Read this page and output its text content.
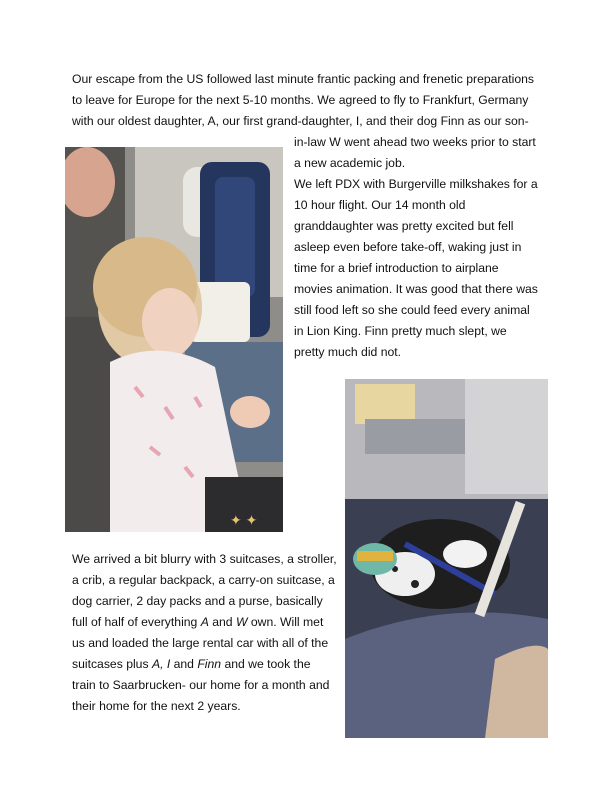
Our escape from the US followed last minute frantic packing and frenetic preparations

to leave for Europe for the next 5-10 months. We agreed to fly to Frankfurt, Germany

with our oldest daughter, A, our first grand-daughter, I, and their dog Finn as our son-

in-law W went ahead two weeks prior to start

a new academic job.

We left PDX with Burgerville milkshakes for a

10 hour flight. Our 14 month old

granddaughter was pretty excited but fell

asleep even before take-off, waking just in

time for a brief introduction to airplane

movies animation. It was good that there was

still food left so she could feed every animal

in Lion King. Finn pretty much slept, we

pretty much did not.

✦ ✦

We arrived a bit blurry with 3 suitcases, a stroller,

a crib, a regular backpack, a carry-on suitcase, a

dog carrier, 2 day packs and a purse, basically

full of half of everything A and W own. Will met

us and loaded the large rental car with all of the

suitcases plus A, I and Finn and we took the

train to Saarbrucken- our home for a month and

their home for the next 2 years.
